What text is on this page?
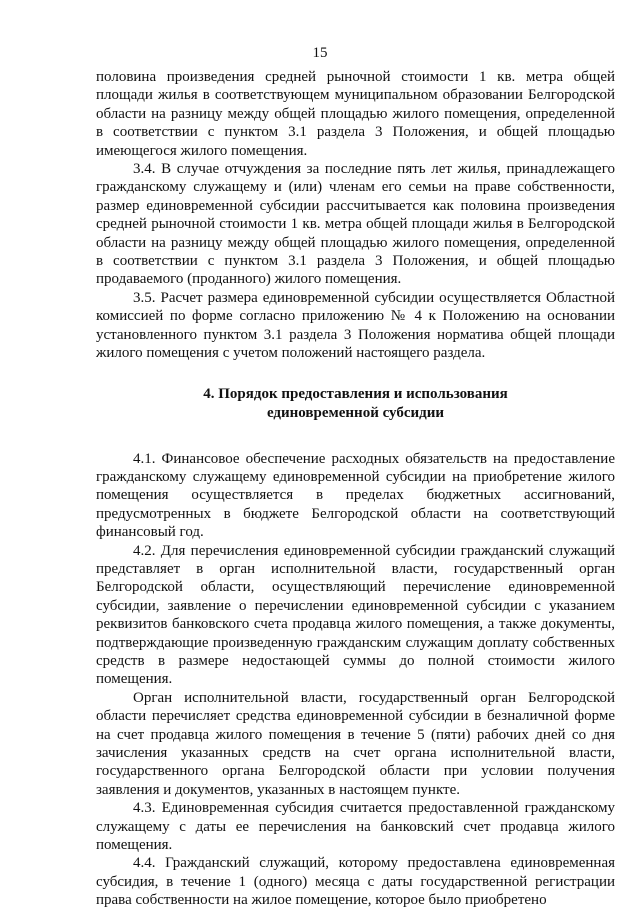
15

половина произведения средней рыночной стоимости 1 кв. метра общей площади жилья в соответствующем муниципальном образовании Белгородской области на разницу между общей площадью жилого помещения, определенной в соответствии с пунктом 3.1 раздела 3 Положения, и общей площадью имеющегося жилого помещения.

3.4. В случае отчуждения за последние пять лет жилья, принадлежащего гражданскому служащему и (или) членам его семьи на праве собственности, размер единовременной субсидии рассчитывается как половина произведения средней рыночной стоимости 1 кв. метра общей площади жилья в Белгородской области на разницу между общей площадью жилого помещения, определенной в соответствии с пунктом 3.1 раздела 3 Положения, и общей площадью продаваемого (проданного) жилого помещения.

3.5. Расчет размера единовременной субсидии осуществляется Областной комиссией по форме согласно приложению № 4 к Положению на основании установленного пунктом 3.1 раздела 3 Положения норматива общей площади жилого помещения с учетом положений настоящего раздела.

4. Порядок предоставления и использования
единовременной субсидии

4.1. Финансовое обеспечение расходных обязательств на предоставление гражданскому служащему единовременной субсидии на приобретение жилого помещения осуществляется в пределах бюджетных ассигнований, предусмотренных в бюджете Белгородской области на соответствующий финансовый год.

4.2. Для перечисления единовременной субсидии гражданский служащий представляет в орган исполнительной власти, государственный орган Белгородской области, осуществляющий перечисление единовременной субсидии, заявление о перечислении единовременной субсидии с указанием реквизитов банковского счета продавца жилого помещения, а также документы, подтверждающие произведенную гражданским служащим доплату собственных средств в размере недостающей суммы до полной стоимости жилого помещения.

Орган исполнительной власти, государственный орган Белгородской области перечисляет средства единовременной субсидии в безналичной форме на счет продавца жилого помещения в течение 5 (пяти) рабочих дней со дня зачисления указанных средств на счет органа исполнительной власти, государственного органа Белгородской области при условии получения заявления и документов, указанных в настоящем пункте.

4.3. Единовременная субсидия считается предоставленной гражданскому служащему с даты ее перечисления на банковский счет продавца жилого помещения.

4.4. Гражданский служащий, которому предоставлена единовременная субсидия, в течение 1 (одного) месяца с даты государственной регистрации права собственности на жилое помещение, которое было приобретено
